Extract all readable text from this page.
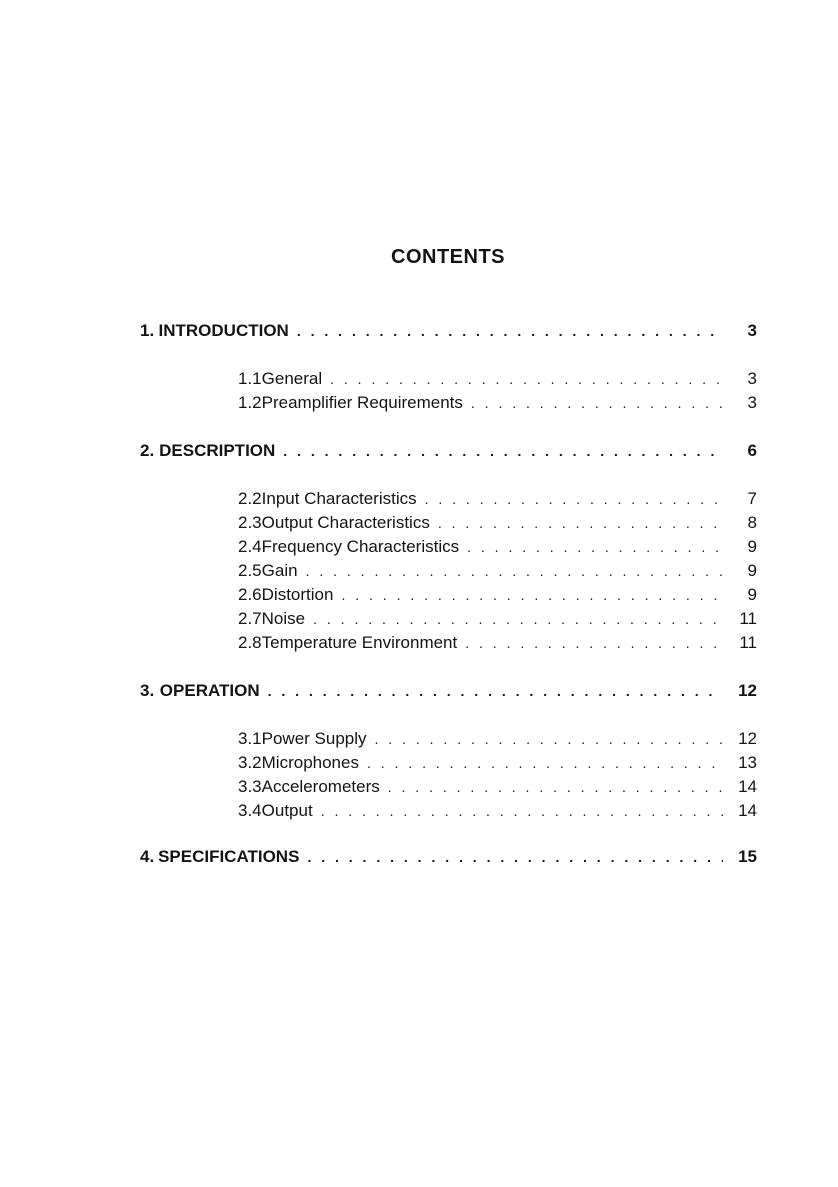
CONTENTS
1. INTRODUCTION . . .	3
1.1 General . . .	3
1.2 Preamplifier Requirements . . .	3
2. DESCRIPTION . . .	6
2.2 Input Characteristics . . .	7
2.3 Output Characteristics . . .	8
2.4 Frequency Characteristics . . .	9
2.5 Gain . . .	9
2.6 Distortion . . .	9
2.7 Noise . . .	11
2.8 Temperature Environment . . .	11
3. OPERATION . . .	12
3.1 Power Supply . . .	12
3.2 Microphones . . .	13
3.3 Accelerometers . . .	14
3.4 Output . . .	14
4. SPECIFICATIONS . . .	15
